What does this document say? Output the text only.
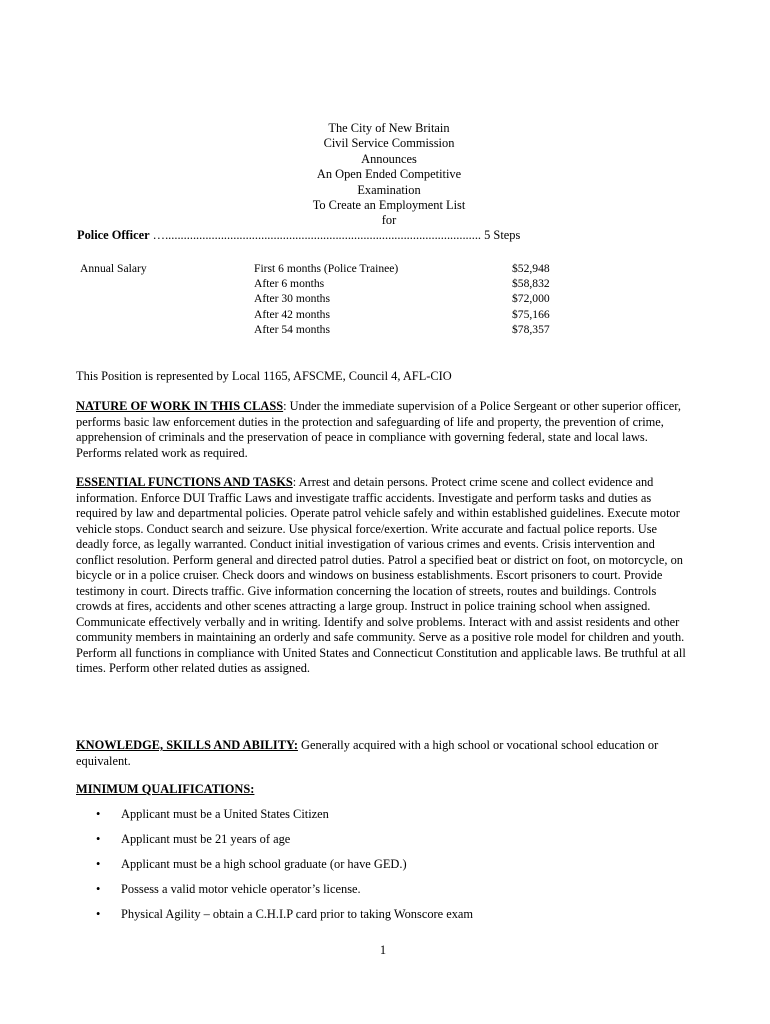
The City of New Britain
Civil Service Commission
Announces
An Open Ended Competitive
Examination
To Create an Employment List
for
Police Officer …...................................................................................................... 5 Steps
Annual Salary	First 6 months (Police Trainee)
After 6 months
After 30 months
After 42 months
After 54 months
$52,948
$58,832
$72,000
$75,166
$78,357
This Position is represented by Local 1165, AFSCME, Council 4, AFL-CIO
NATURE OF WORK IN THIS CLASS: Under the immediate supervision of a Police Sergeant or other superior officer, performs basic law enforcement duties in the protection and safeguarding of life and property, the prevention of crime, apprehension of criminals and the preservation of peace in compliance with governing federal, state and local laws. Performs related work as required.
ESSENTIAL FUNCTIONS AND TASKS: Arrest and detain persons. Protect crime scene and collect evidence and information. Enforce DUI Traffic Laws and investigate traffic accidents. Investigate and perform tasks and duties as required by law and departmental policies. Operate patrol vehicle safely and within established guidelines. Execute motor vehicle stops. Conduct search and seizure. Use physical force/exertion. Write accurate and factual police reports. Use deadly force, as legally warranted. Conduct initial investigation of various crimes and events. Crisis intervention and conflict resolution. Perform general and directed patrol duties. Patrol a specified beat or district on foot, on motorcycle, on bicycle or in a police cruiser. Check doors and windows on business establishments. Escort prisoners to court. Provide testimony in court. Directs traffic. Give information concerning the location of streets, routes and buildings. Controls crowds at fires, accidents and other scenes attracting a large group. Instruct in police training school when assigned. Communicate effectively verbally and in writing. Identify and solve problems. Interact with and assist residents and other community members in maintaining an orderly and safe community. Serve as a positive role model for children and youth. Perform all functions in compliance with United States and Connecticut Constitution and applicable laws. Be truthful at all times. Perform other related duties as assigned.
KNOWLEDGE, SKILLS AND ABILITY: Generally acquired with a high school or vocational school education or equivalent.
MINIMUM QUALIFICATIONS:
• Applicant must be a United States Citizen
• Applicant must be 21 years of age
• Applicant must be a high school graduate (or have GED.)
• Possess a valid motor vehicle operator’s license.
• Physical Agility – obtain a C.H.I.P card prior to taking Wonscore exam
1
